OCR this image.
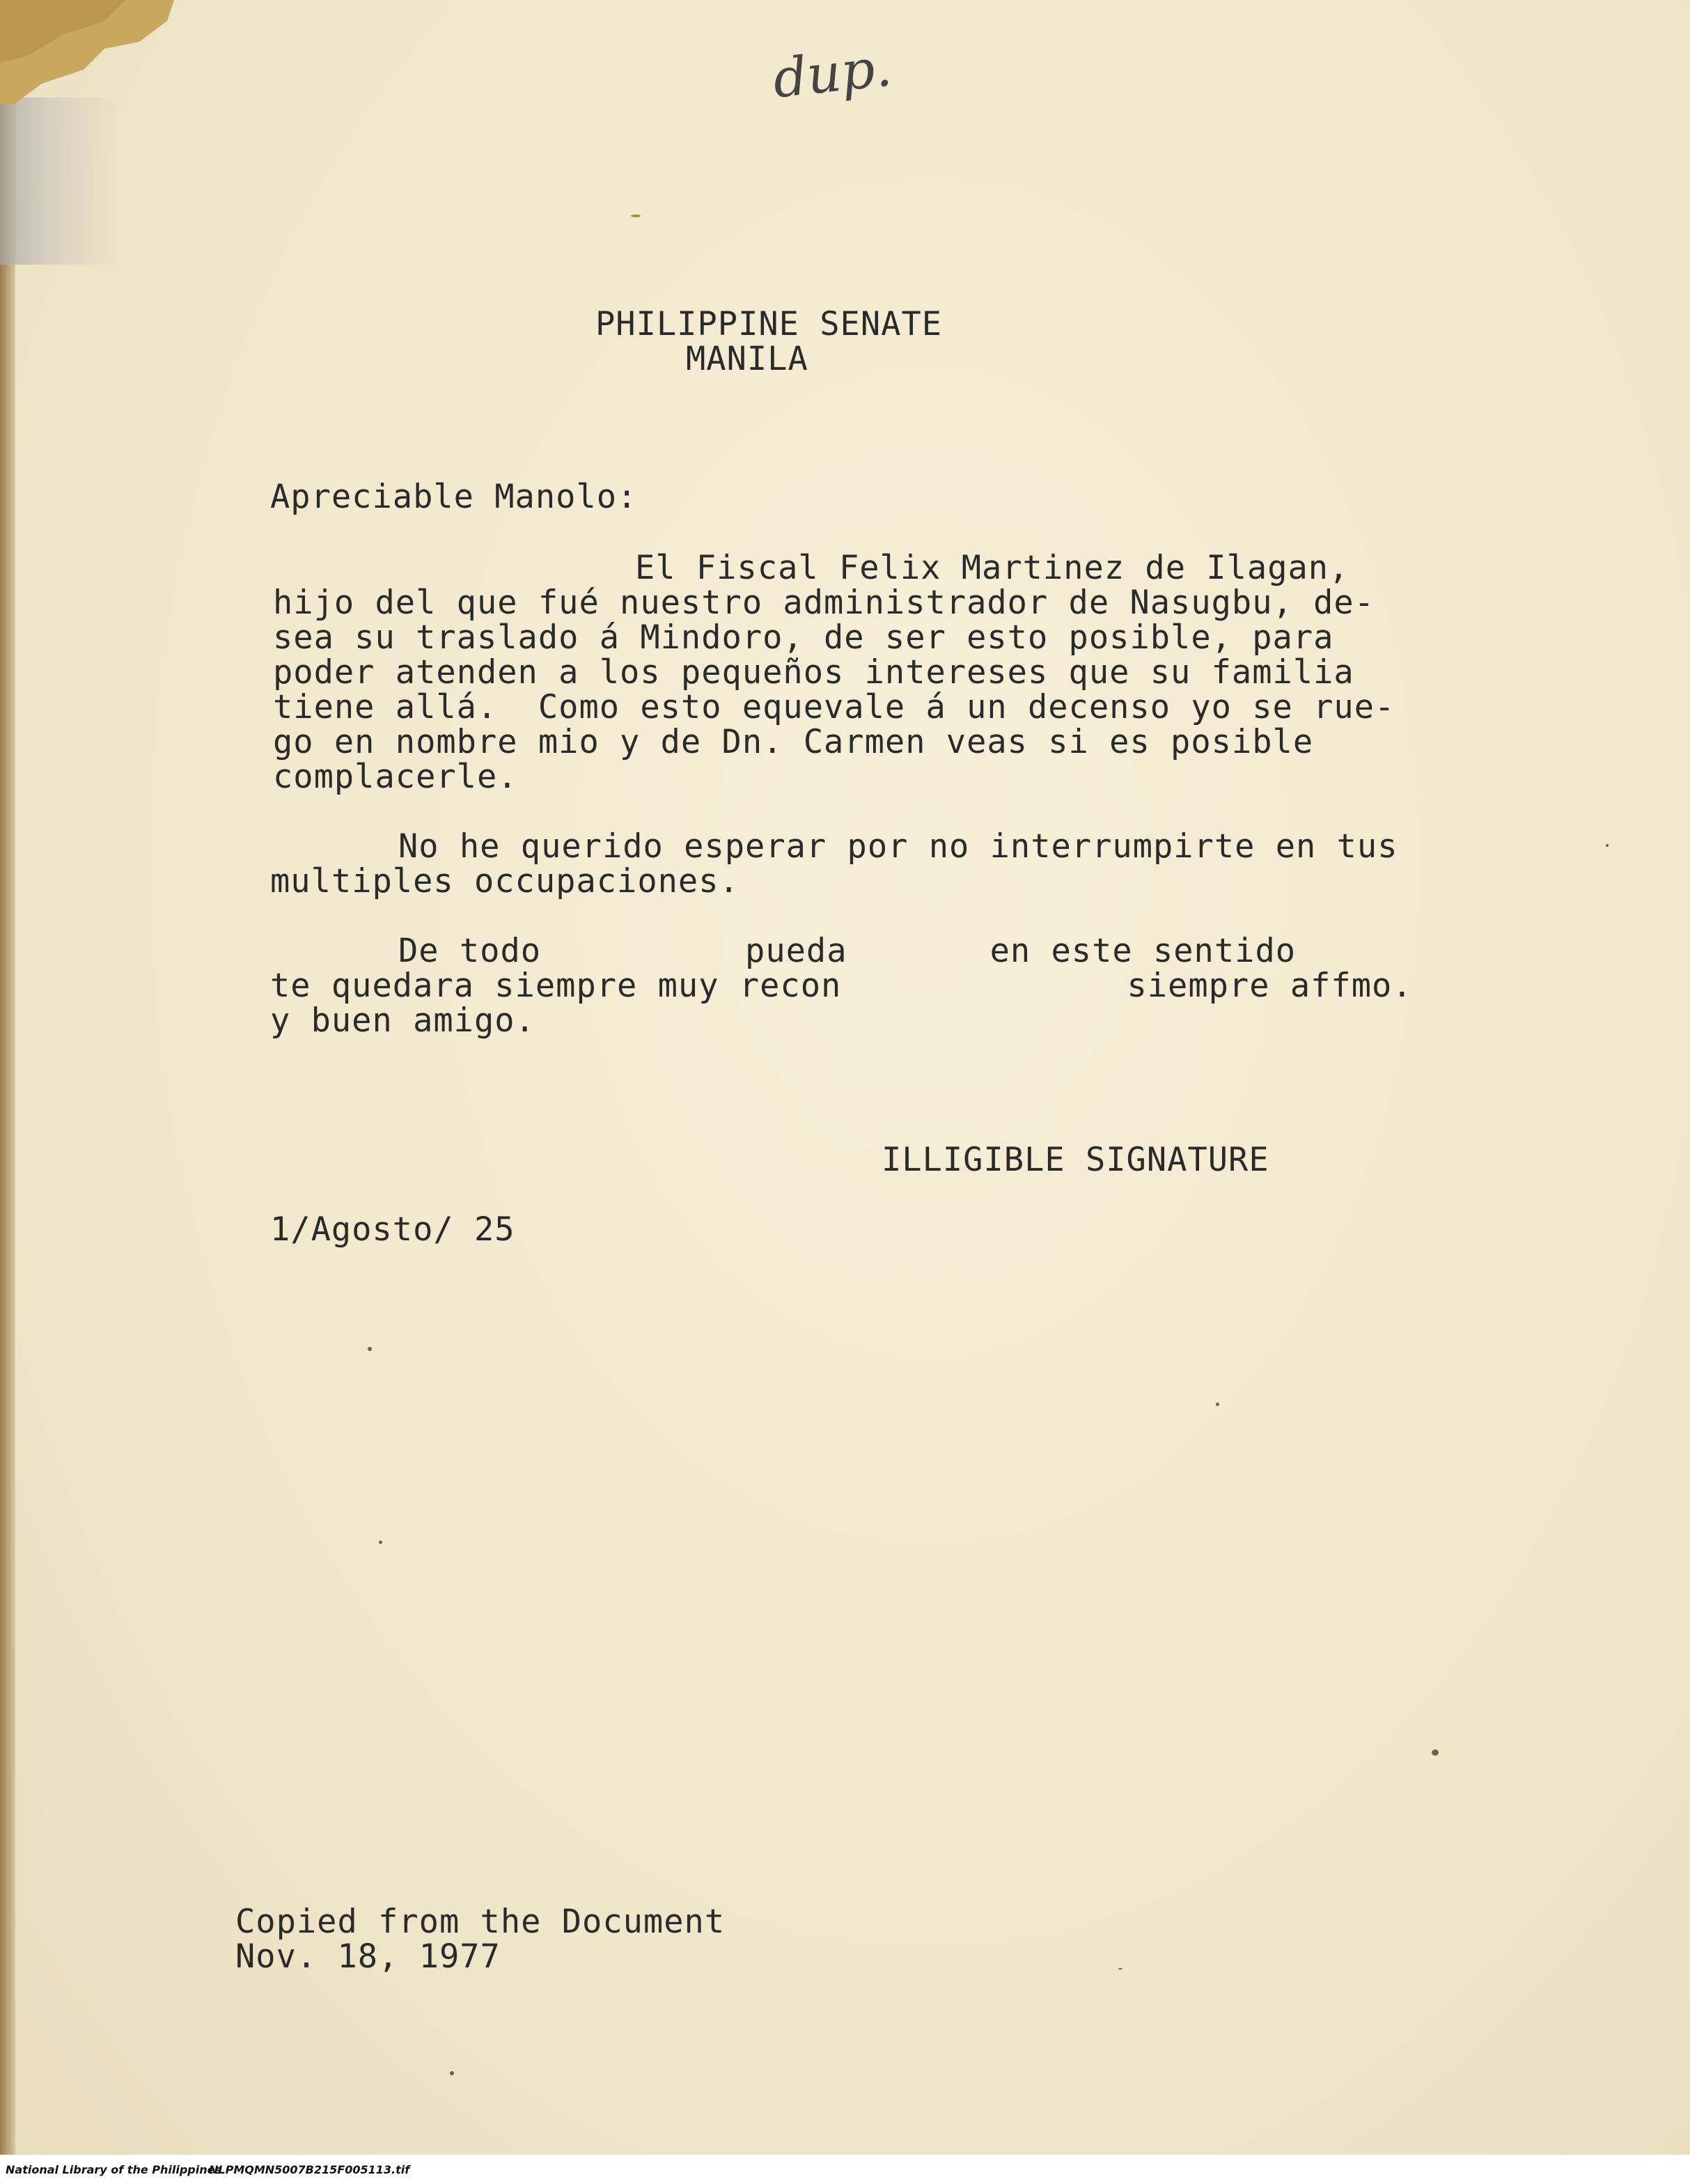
dup.
PHILIPPINE SENATE
MANILA
Apreciable Manolo:
El Fiscal Felix Martinez de Ilagan,
hijo del que fué nuestro administrador de Nasugbu, de-
sea su traslado á Mindoro, de ser esto posible, para
poder atenden a los pequeños intereses que su familia
tiene allá.  Como esto equevale á un decenso yo se rue-
go en nombre mio y de Dn. Carmen veas si es posible
complacerle.
No he querido esperar por no interrumpirte en tus
multiples occupaciones.
De todo          pueda       en este sentido
te quedara siempre muy recon              siempre affmo.
y buen amigo.
ILLIGIBLE SIGNATURE
1/Agosto/ 25
Copied from the Document
Nov. 18, 1977
National Library of the Philippines
NLPMQMN5007B215F005113.tif
